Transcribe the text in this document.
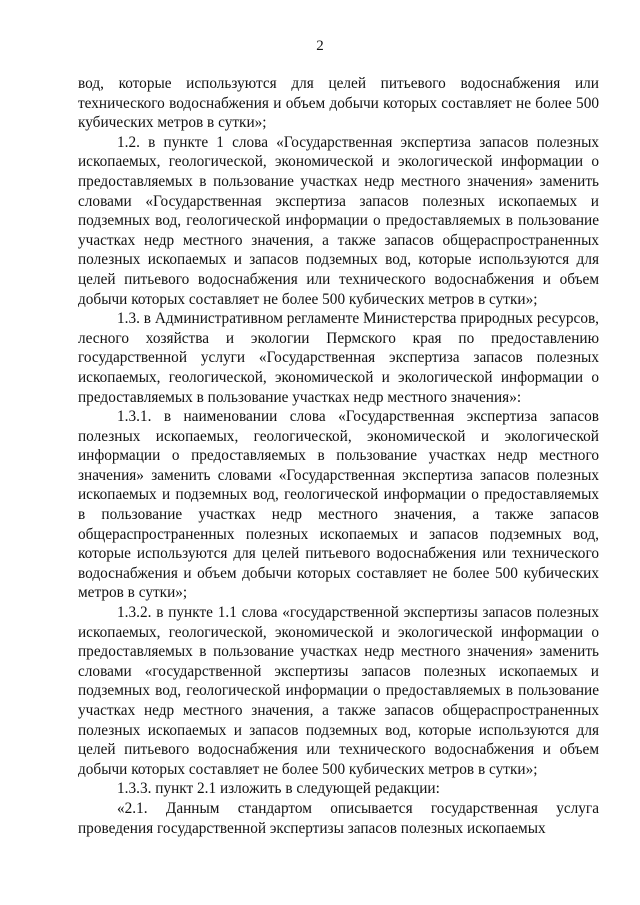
2

вод, которые используются для целей питьевого водоснабжения или технического водоснабжения и объем добычи которых составляет не более 500 кубических метров в сутки»;

1.2. в пункте 1 слова «Государственная экспертиза запасов полезных ископаемых, геологической, экономической и экологической информации о предоставляемых в пользование участках недр местного значения» заменить словами «Государственная экспертиза запасов полезных ископаемых и подземных вод, геологической информации о предоставляемых в пользование участках недр местного значения, а также запасов общераспространенных полезных ископаемых и запасов подземных вод, которые используются для целей питьевого водоснабжения или технического водоснабжения и объем добычи которых составляет не более 500 кубических метров в сутки»;

1.3. в Административном регламенте Министерства природных ресурсов, лесного хозяйства и экологии Пермского края по предоставлению государственной услуги «Государственная экспертиза запасов полезных ископаемых, геологической, экономической и экологической информации о предоставляемых в пользование участках недр местного значения»:

1.3.1. в наименовании слова «Государственная экспертиза запасов полезных ископаемых, геологической, экономической и экологической информации о предоставляемых в пользование участках недр местного значения» заменить словами «Государственная экспертиза запасов полезных ископаемых и подземных вод, геологической информации о предоставляемых в пользование участках недр местного значения, а также запасов общераспространенных полезных ископаемых и запасов подземных вод, которые используются для целей питьевого водоснабжения или технического водоснабжения и объем добычи которых составляет не более 500 кубических метров в сутки»;

1.3.2. в пункте 1.1 слова «государственной экспертизы запасов полезных ископаемых, геологической, экономической и экологической информации о предоставляемых в пользование участках недр местного значения» заменить словами «государственной экспертизы запасов полезных ископаемых и подземных вод, геологической информации о предоставляемых в пользование участках недр местного значения, а также запасов общераспространенных полезных ископаемых и запасов подземных вод, которые используются для целей питьевого водоснабжения или технического водоснабжения и объем добычи которых составляет не более 500 кубических метров в сутки»;

1.3.3. пункт 2.1 изложить в следующей редакции:

«2.1. Данным стандартом описывается государственная услуга проведения государственной экспертизы запасов полезных ископаемых
